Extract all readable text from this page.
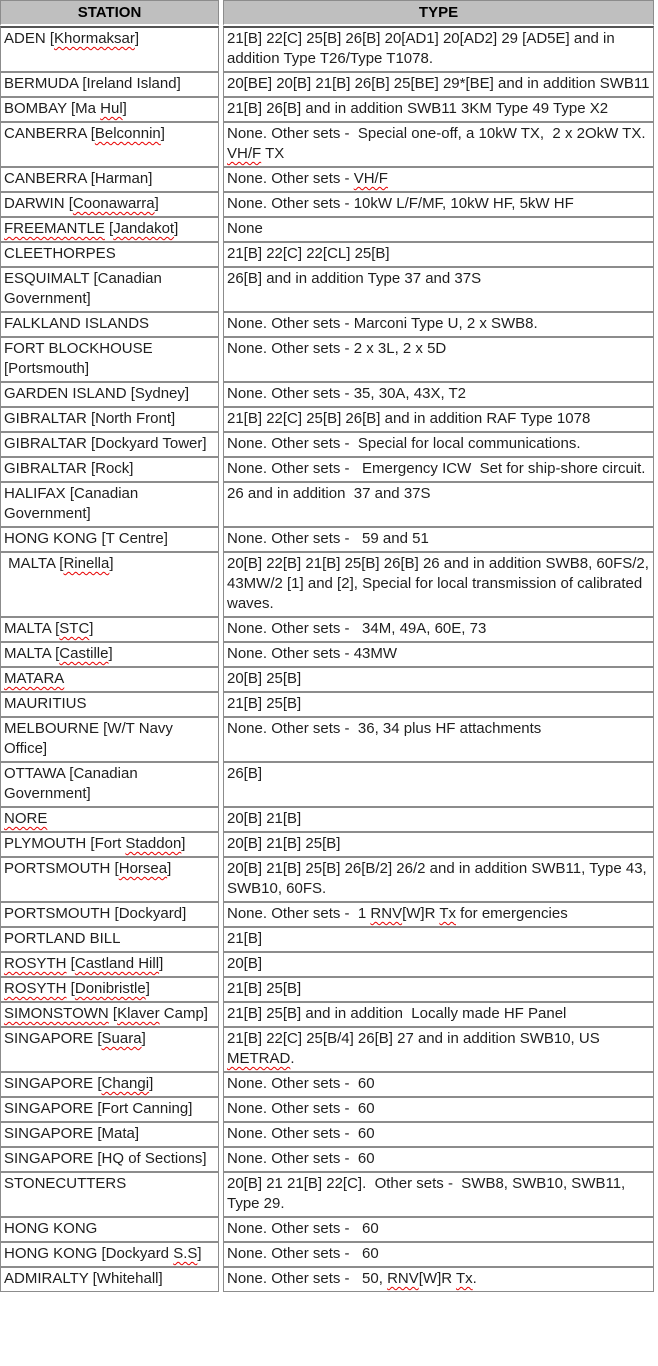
STATION	TYPE
ADEN [Khormaksar]	21[B] 22[C] 25[B] 26[B] 20[AD1] 20[AD2] 29 [AD5E] and in addition Type T26/Type T1078.
BERMUDA [Ireland Island]	20[BE] 20[B] 21[B] 26[B] 25[BE] 29*[BE] and in addition SWB11
BOMBAY [Ma Hul]	21[B] 26[B] and in addition SWB11 3KM Type 49 Type X2
CANBERRA [Belconnin]	None. Other sets -  Special one-off, a 10kW TX,  2 x 2OkW TX. VH/F TX
CANBERRA [Harman]	None. Other sets - VH/F
DARWIN [Coonawarra]	None. Other sets - 10kW L/F/MF, 10kW HF, 5kW HF
FREEMANTLE [Jandakot]	None
CLEETHORPES	21[B] 22[C] 22[CL] 25[B]
ESQUIMALT [Canadian Government]	26[B] and in addition Type 37 and 37S
FALKLAND ISLANDS	None. Other sets - Marconi Type U, 2 x SWB8.
FORT BLOCKHOUSE [Portsmouth]	None. Other sets - 2 x 3L, 2 x 5D
GARDEN ISLAND [Sydney]	None. Other sets - 35, 30A, 43X, T2
GIBRALTAR [North Front]	21[B] 22[C] 25[B] 26[B] and in addition RAF Type 1078
GIBRALTAR [Dockyard Tower]	None. Other sets -  Special for local communications.
GIBRALTAR [Rock]	None. Other sets -   Emergency ICW  Set for ship-shore circuit.
HALIFAX [Canadian Government]	26 and in addition  37 and 37S
HONG KONG [T Centre]	None. Other sets -   59 and 51
MALTA [Rinella]	20[B] 22[B] 21[B] 25[B] 26[B] 26 and in addition SWB8, 60FS/2, 43MW/2 [1] and [2], Special for local transmission of calibrated waves.
MALTA [STC]	None. Other sets -   34M, 49A, 60E, 73
MALTA [Castille]	None. Other sets - 43MW
MATARA	20[B] 25[B]
MAURITIUS	21[B] 25[B]
MELBOURNE [W/T Navy Office]	None. Other sets -  36, 34 plus HF attachments
OTTAWA [Canadian Government]	26[B]
NORE	20[B] 21[B]
PLYMOUTH [Fort Staddon]	20[B] 21[B] 25[B]
PORTSMOUTH [Horsea]	20[B] 21[B] 25[B] 26[B/2] 26/2 and in addition SWB11, Type 43, SWB10, 60FS.
PORTSMOUTH [Dockyard]	None. Other sets -  1 RNV[W]R Tx for emergencies
PORTLAND BILL	21[B]
ROSYTH [Castland Hill]	20[B]
ROSYTH [Donibristle]	21[B] 25[B]
SIMONSTOWN [Klaver Camp]	21[B] 25[B] and in addition  Locally made HF Panel
SINGAPORE [Suara]	21[B] 22[C] 25[B/4] 26[B] 27 and in addition SWB10, US METRAD.
SINGAPORE [Changi]	None. Other sets -  60
SINGAPORE [Fort Canning]	None. Other sets -  60
SINGAPORE [Mata]	None. Other sets -  60
SINGAPORE [HQ of Sections]	None. Other sets -  60
STONECUTTERS	20[B] 21 21[B] 22[C].  Other sets -  SWB8, SWB10, SWB11, Type 29.
HONG KONG	None. Other sets -   60
HONG KONG [Dockyard S.S]	None. Other sets -   60
ADMIRALTY [Whitehall]	None. Other sets -   50, RNV[W]R Tx.
